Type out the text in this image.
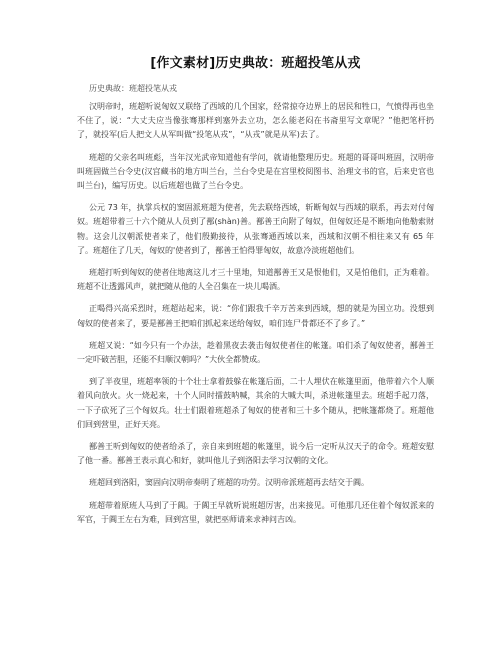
[作文素材]历史典故：班超投笔从戎
历史典故：班超投笔从戎
汉明帝时，班超听说匈奴又联络了西域的几个国家，经常掠夺边界上的居民和牲口，气愤得再也坐不住了，说：“大丈夫应当像张骞那样到塞外去立功，怎么能老闷在书斋里写文章呢？”他把笔杆扔了，就投军(后人把文人从军叫做“投笔从戎”，“从戎”就是从军)去了。
班超的父亲名叫班彪，当年汉光武帝知道他有学问，就请他整理历史。班超的哥哥叫班固，汉明帝叫班固做兰台令史(汉宫藏书的地方叫兰台，兰台令史是在宫里校阅图书、治理文书的官，后来史官也叫兰台)，编写历史。以后班超也做了兰台令史。
公元 73 年，执掌兵权的窦固派班超为使者，先去联络西域，斩断匈奴与西域的联系，再去对付匈奴。班超带着三十六个随从人员到了鄯(shàn)善。鄯善王向附了匈奴，但匈奴还是不断地向他勒索财物。这会儿汉朝派使者来了，他们殷勤接待，从张骞通西域以来，西域和汉朝不相往来又有 65 年了。班超住了几天，匈奴的'使者到了，鄯善王怕得罪匈奴，故意冷淡班超他们。
班超打听到匈奴的使者住地离这儿才三十里地，知道鄯善王又是恨他们，又是怕他们，正为难着。班超不让透露风声，就把随从他的人全召集在一块儿喝酒。
正喝得兴高采烈时，班超站起来，说：“你们跟我千辛万苦来到西域，想的就是为国立功。没想到匈奴的使者来了，要是鄯善王把咱们抓起来送给匈奴，咱们连尸骨都还不了乡了。”
班超又说：“如今只有一个办法，趁着黑夜去袭击匈奴使者住的帐篷。咱们杀了匈奴使者，鄯善王一定吓破苦胆，还能不归顺汉朝吗？”大伙全都赞成。
到了半夜里，班超率领的十个壮士拿着鼓躲在帐篷后面，二十人埋伏在帐篷里面，他带着六个人顺着风向放火。火一烧起来，十个人同时擂鼓呐喊，其余的大喊大叫，杀进帐篷里去。班超手起刀落，一下子砍死了三个匈奴兵。壮士们跟着班超杀了匈奴的使者和三十多个随从，把帐篷都烧了。班超他们回到营里，正好天亮。
鄯善王听到匈奴的使者给杀了，亲自来到班超的帐篷里，说今后一定听从汉天子的命令。班超安慰了他一番。鄯善王表示真心和好，就叫他儿子到洛阳去学习汉朝的文化。
班超回到洛阳，窦固向汉明帝奏明了班超的功劳。汉明帝派班超再去结交于阗。
班超带着原班人马到了于阗。于阗王早就听说班超厉害，出来接见。可他那几还住着个匈奴派来的军官，于阗王左右为难，回到宫里，就把巫师请来求神问吉凶。
